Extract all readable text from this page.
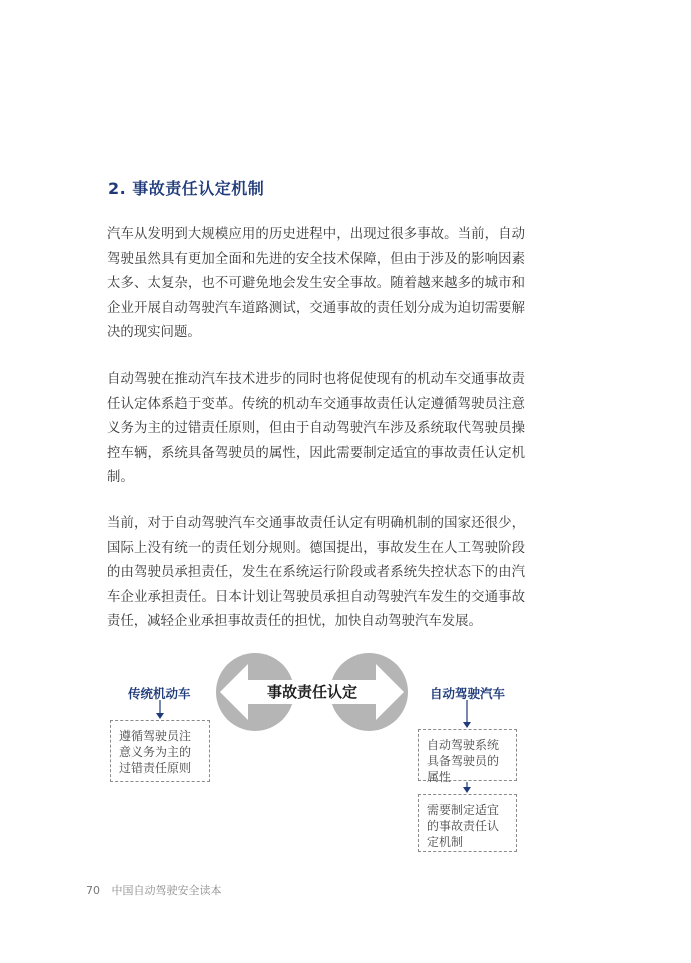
2. 事故责任认定机制

汽车从发明到大规模应用的历史进程中，出现过很多事故。当前，自动驾驶虽然具有更加全面和先进的安全技术保障，但由于涉及的影响因素太多、太复杂，也不可避免地会发生安全事故。随着越来越多的城市和企业开展自动驾驶汽车道路测试，交通事故的责任划分成为迫切需要解决的现实问题。

自动驾驶在推动汽车技术进步的同时也将促使现有的机动车交通事故责任认定体系趋于变革。传统的机动车交通事故责任认定遵循驾驶员注意义务为主的过错责任原则，但由于自动驾驶汽车涉及系统取代驾驶员操控车辆，系统具备驾驶员的属性，因此需要制定适宜的事故责任认定机制。

当前，对于自动驾驶汽车交通事故责任认定有明确机制的国家还很少，国际上没有统一的责任划分规则。德国提出，事故发生在人工驾驶阶段的由驾驶员承担责任，发生在系统运行阶段或者系统失控状态下的由汽车企业承担责任。日本计划让驾驶员承担自动驾驶汽车发生的交通事故责任，减轻企业承担事故责任的担忧，加快自动驾驶汽车发展。

事故责任认定
传统机动车	自动驾驶汽车
遵循驾驶员注意义务为主的过错责任原则
自动驾驶系统具备驾驶员的属性
需要制定适宜的事故责任认定机制
70 中国自动驾驶安全读本
